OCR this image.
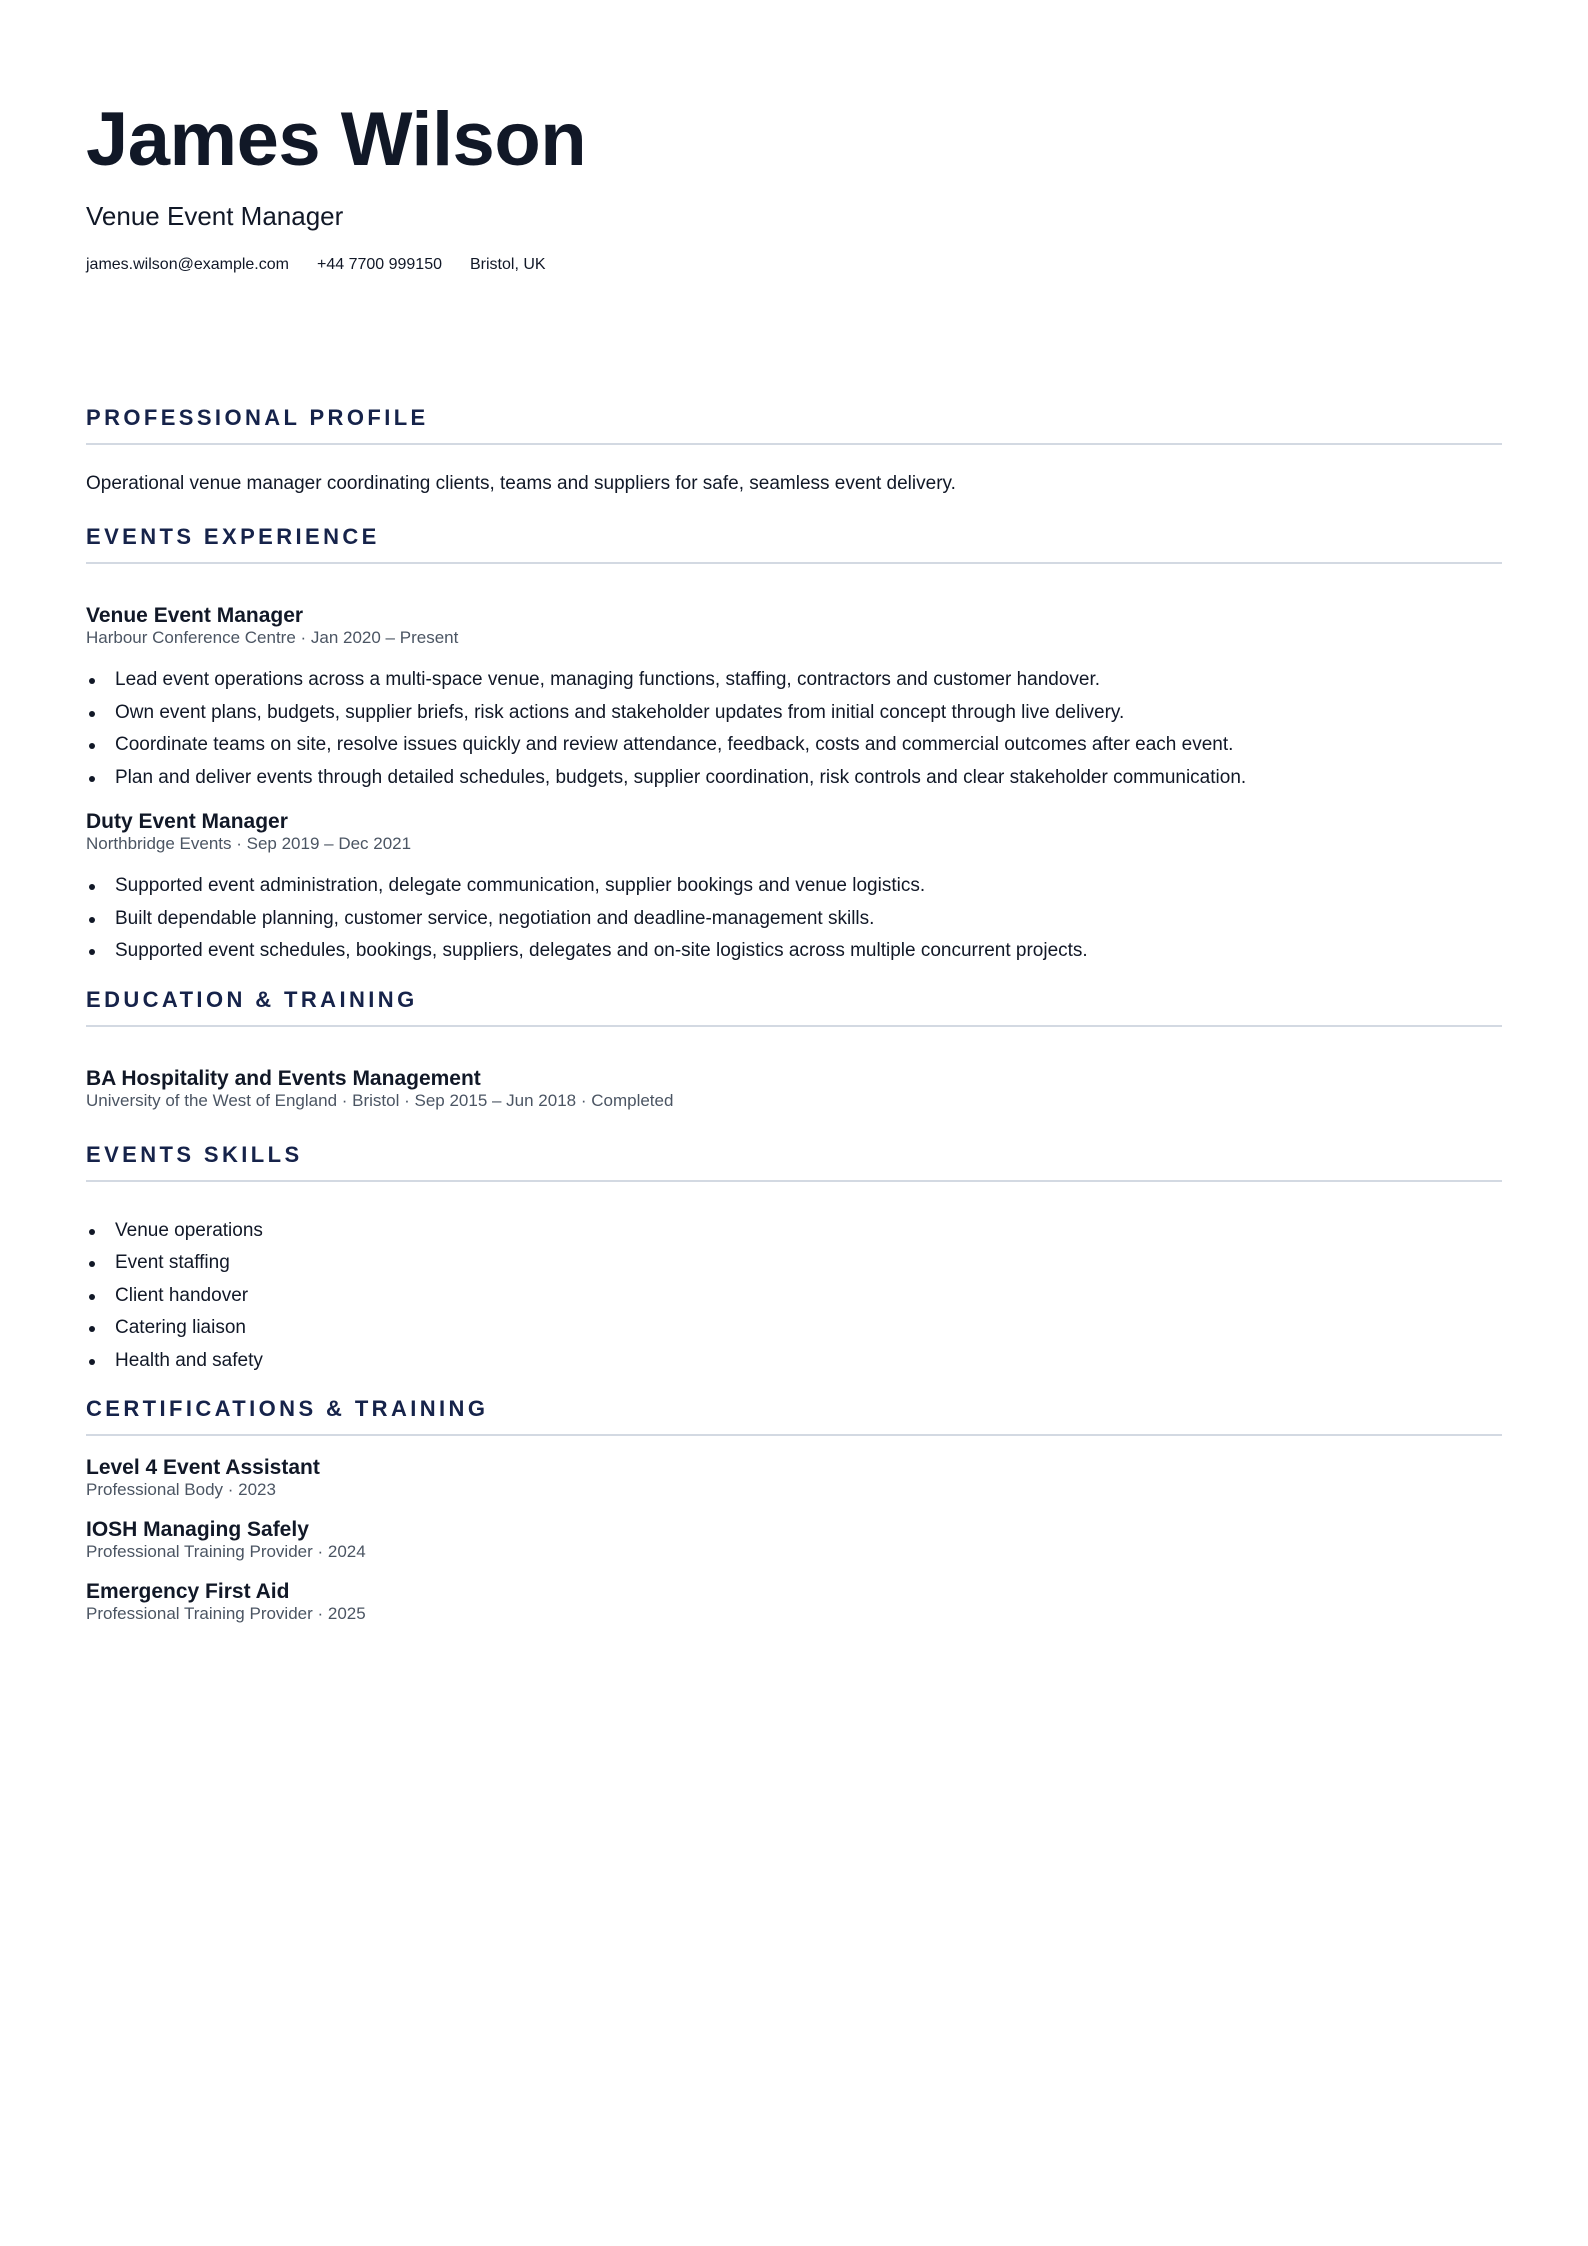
James Wilson
Venue Event Manager
james.wilson@example.com +44 7700 999150 Bristol, UK
PROFESSIONAL PROFILE

Operational venue manager coordinating clients, teams and suppliers for safe, seamless event delivery.

EVENTS EXPERIENCE
Venue Event Manager
Harbour Conference Centre · Jan 2020 – Present
Lead event operations across a multi-space venue, managing functions, staffing, contractors and customer handover.
Own event plans, budgets, supplier briefs, risk actions and stakeholder updates from initial concept through live delivery.
Coordinate teams on site, resolve issues quickly and review attendance, feedback, costs and commercial outcomes after each event.
Plan and deliver events through detailed schedules, budgets, supplier coordination, risk controls and clear stakeholder communication.
Duty Event Manager
Northbridge Events · Sep 2019 – Dec 2021
Supported event administration, delegate communication, supplier bookings and venue logistics.
Built dependable planning, customer service, negotiation and deadline-management skills.
Supported event schedules, bookings, suppliers, delegates and on-site logistics across multiple concurrent projects.
EDUCATION & TRAINING
BA Hospitality and Events Management
University of the West of England · Bristol · Sep 2015 – Jun 2018 · Completed
EVENTS SKILLS
Venue operations
Event staffing
Client handover
Catering liaison
Health and safety
CERTIFICATIONS & TRAINING
Level 4 Event Assistant
Professional Body · 2023
IOSH Managing Safely
Professional Training Provider · 2024
Emergency First Aid
Professional Training Provider · 2025
